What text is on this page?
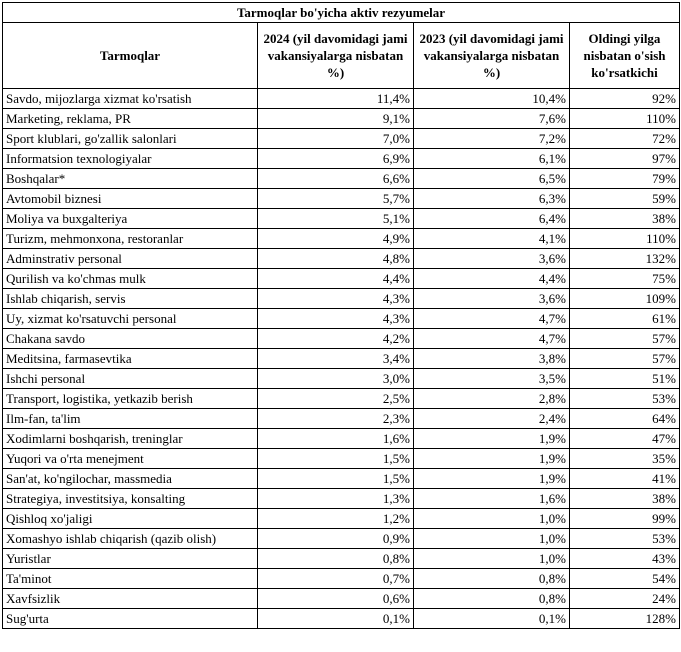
Tarmoqlar bo'yicha aktiv rezyumelar			
Tarmoqlar	2024 (yil davomidagi jami vakansiyalarga nisbatan %)	2023 (yil davomidagi jami vakansiyalarga nisbatan %)	Oldingi yilga nisbatan o'sish ko'rsatkichi
Savdo, mijozlarga xizmat ko'rsatish	11,4%	10,4%	92%
Marketing, reklama, PR	9,1%	7,6%	110%
Sport klublari, go'zallik salonlari	7,0%	7,2%	72%
Informatsion texnologiyalar	6,9%	6,1%	97%
Boshqalar*	6,6%	6,5%	79%
Avtomobil biznesi	5,7%	6,3%	59%
Moliya va buxgalteriya	5,1%	6,4%	38%
Turizm, mehmonxona, restoranlar	4,9%	4,1%	110%
Adminstrativ personal	4,8%	3,6%	132%
Qurilish va ko'chmas mulk	4,4%	4,4%	75%
Ishlab chiqarish, servis	4,3%	3,6%	109%
Uy, xizmat ko'rsatuvchi personal	4,3%	4,7%	61%
Chakana savdo	4,2%	4,7%	57%
Meditsina, farmasevtika	3,4%	3,8%	57%
Ishchi personal	3,0%	3,5%	51%
Transport, logistika, yetkazib berish	2,5%	2,8%	53%
Ilm-fan, ta'lim	2,3%	2,4%	64%
Xodimlarni boshqarish, treninglar	1,6%	1,9%	47%
Yuqori va o'rta menejment	1,5%	1,9%	35%
San'at, ko'ngilochar, massmedia	1,5%	1,9%	41%
Strategiya, investitsiya, konsalting	1,3%	1,6%	38%
Qishloq xo'jaligi	1,2%	1,0%	99%
Xomashyo ishlab chiqarish (qazib olish)	0,9%	1,0%	53%
Yuristlar	0,8%	1,0%	43%
Ta'minot	0,7%	0,8%	54%
Xavfsizlik	0,6%	0,8%	24%
Sug'urta	0,1%	0,1%	128%
